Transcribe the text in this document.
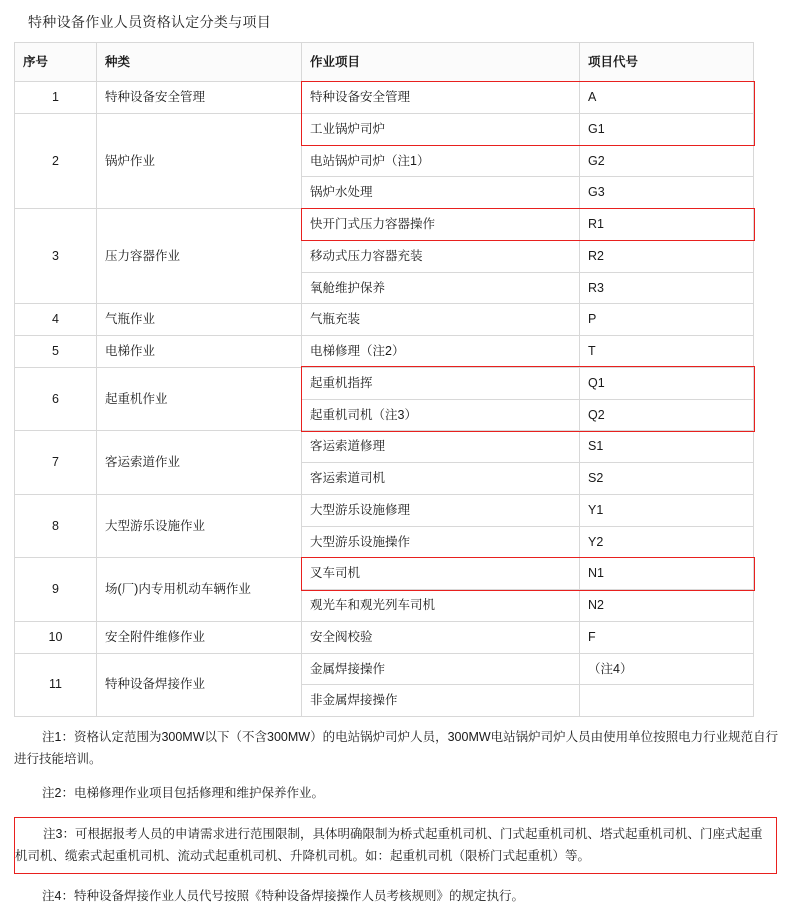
特种设备作业人员资格认定分类与项目
序号	种类	作业项目	项目代号
1	特种设备安全管理	特种设备安全管理	A
2	锅炉作业	工业锅炉司炉	G1
		电站锅炉司炉（注1）	G2
		锅炉水处理	G3
3	压力容器作业	快开门式压力容器操作	R1
		移动式压力容器充装	R2
		氧舱维护保养	R3
4	气瓶作业	气瓶充装	P
5	电梯作业	电梯修理（注2）	T
6	起重机作业	起重机指挥	Q1
		起重机司机（注3）	Q2
7	客运索道作业	客运索道修理	S1
		客运索道司机	S2
8	大型游乐设施作业	大型游乐设施修理	Y1
		大型游乐设施操作	Y2
9	场(厂)内专用机动车辆作业	叉车司机	N1
		观光车和观光列车司机	N2
10	安全附件维修作业	安全阀校验	F
11	特种设备焊接作业	金属焊接操作	（注4）
		非金属焊接操作	
注1：资格认定范围为300MW以下（不含300MW）的电站锅炉司炉人员，300MW电站锅炉司炉人员由使用单位按照电力行业规范自行进行技能培训。
注2：电梯修理作业项目包括修理和维护保养作业。
注3：可根据报考人员的申请需求进行范围限制，具体明确限制为桥式起重机司机、门式起重机司机、塔式起重机司机、门座式起重机司机、缆索式起重机司机、流动式起重机司机、升降机司机。如：起重机司机（限桥门式起重机）等。
注4：特种设备焊接作业人员代号按照《特种设备焊接操作人员考核规则》的规定执行。
